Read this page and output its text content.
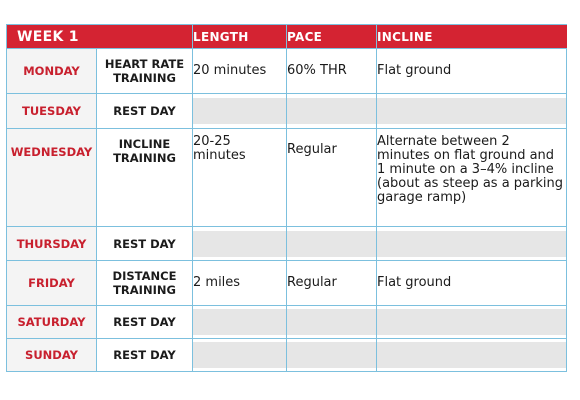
WEEK 1		LENGTH	PACE	INCLINE
MONDAY	HEART RATE TRAINING	20 minutes	60% THR	Flat ground
TUESDAY	REST DAY	

WEDNESDAY	INCLINE TRAINING	20-25 minutes	Regular	Alternate between 2 minutes on flat ground and 1 minute on a 3–4% incline (about as steep as a parking garage ramp)
THURSDAY	REST DAY	

FRIDAY	DISTANCE TRAINING	2 miles	Regular	Flat ground
SATURDAY	REST DAY	

SUNDAY	REST DAY	
